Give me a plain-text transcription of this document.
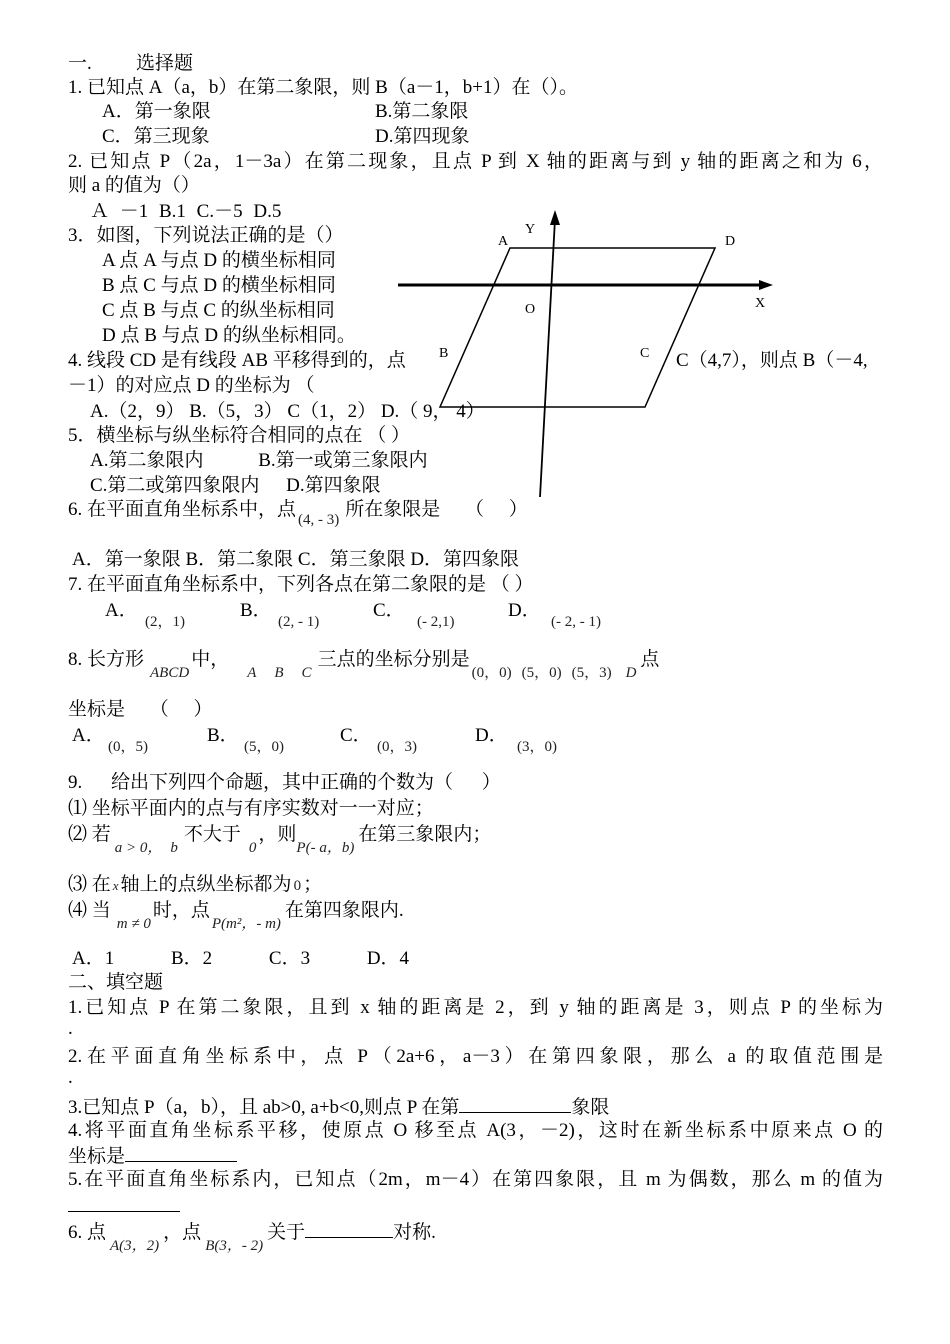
一. 选择题
1. 已知点 A（a，b）在第二象限，则 B（a－1，b+1）在（）。
A．第一象限	B.第二象限
C．第三现象	D.第四现象
2. 已知点 P（2a，1－3a）在第二现象，且点 P 到 X 轴的距离与到 y 轴的距离之和为 6，
则 a 的值为（）
Ａ －1 B.1 C.－5 D.5
3．如图，下列说法正确的是（）
A 点 A 与点 D 的横坐标相同
B 点 C 与点 D 的横坐标相同
C 点 B 与点 C 的纵坐标相同
D 点 B 与点 D 的纵坐标相同。
4. 线段 CD 是有线段 AB 平移得到的，点	C（4,7），则点 B（－4,
－1）的对应点 D 的坐标为 （
A.（2，9） B.（5，3） C（1，2） D.（ 9， 4）
5．横坐标与纵坐标符合相同的点在 （ ）
A.第二象限内 B.第一或第三象限内
C.第二或第四象限内 D.第四象限
Y
X
O
A	D
B	C
6. 在平面直角坐标系中，点 $_{(4, - 3)}$ 所在象限是 （ ）
A．第一象限 B．第二象限 C．第三象限 D．第四象限
7. 在平面直角坐标系中，下列各点在第二象限的是 （ ）
A．
(2，1)
B．
(2, - 1)
C．
(- 2,1)
D．
(- 2, - 1)
8. 长方形$_{ABCD}$中，$_A$ $_B$ $_C$三点的坐标分别是$_{(0,0)}$ $_{(5,0)}$ $_{(5,3)}$ $_D$点
坐标是 （ ）
A．
(0，5)
B．
(5，0)
C．
(0，3)
D．
(3，0)
9. 给出下列四个命题，其中正确的个数为（ ）
⑴ 坐标平面内的点与有序实数对一一对应；
⑵ 若$_{a > 0,}$ $_b$不大于$_0$，则$_{P(- a,b)}$在第三象限内；
⑶ 在 x 轴上的点纵坐标都为 0 ；
⑷ 当$_{m \ne 0}$时，点$_{P(m^2,- m)}$在第四象限内.
A．1 B．2 C．3 D．4
二、填空题
1.已知点 P 在第二象限，且到 x 轴的距离是 2，到 y 轴的距离是 3，则点 P 的坐标为
.
2.在平面直角坐标系中，点 P（2a+6，a－3）在第四象限，那么 a 的取值范围是
.
3.已知点 P（a，b），且 ab>0, a+b<0,则点 P 在第	象限
4.将平面直角坐标系平移，使原点 O 移至点 A(3，－2)，这时在新坐标系中原来点 O 的
坐标是
5.在平面直角坐标系内，已知点（2m，m－4）在第四象限，且 m 为偶数，那么 m 的值为
6. 点$_{A(3,2)}$，点$_{B(3,- 2)}$关于	对称.
